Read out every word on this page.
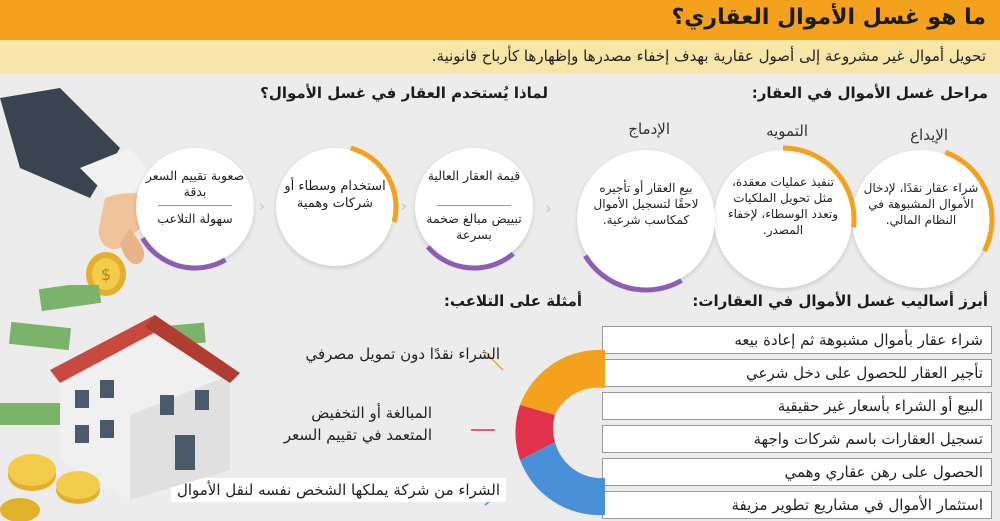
ما هو غسل الأموال العقاري؟
تحويل أموال غير مشروعة إلى أصول عقارية بهدف إخفاء مصدرها وإظهارها كأرباح قانونية.
$
مراحل غسل الأموال في العقار:
لماذا يُستخدم العقار في غسل الأموال؟
الإيداع
التمويه
الإدماج
شراء عقار نقدًا، لإدخال الأموال المشبوهة في النظام المالي.
تنفيذ عمليات معقدة، مثل تحويل الملكيات وتعدد الوسطاء، لإخفاء المصدر.
بيع العقار أو تأجيره لاحقًا لتسجيل الأموال كمكاسب شرعية.
‹
قيمة العقار العالية
تبييض مبالغ ضخمة بسرعة
‹
استخدام وسطاء أو شركات وهمية
‹
صعوبة تقييم السعر بدقة
سهولة التلاعب
أبرز أساليب غسل الأموال في العقارات:
شراء عقار بأموال مشبوهة ثم إعادة بيعه
تأجير العقار للحصول على دخل شرعي
البيع أو الشراء بأسعار غير حقيقية
تسجيل العقارات باسم شركات واجهة
الحصول على رهن عقاري وهمي
استثمار الأموال في مشاريع تطوير مزيفة
أمثلة على التلاعب:
الشراء نقدًا دون تمويل مصرفي
المبالغة أو التخفيض
المتعمد في تقييم السعر
الشراء من شركة يملكها الشخص نفسه لنقل الأموال
